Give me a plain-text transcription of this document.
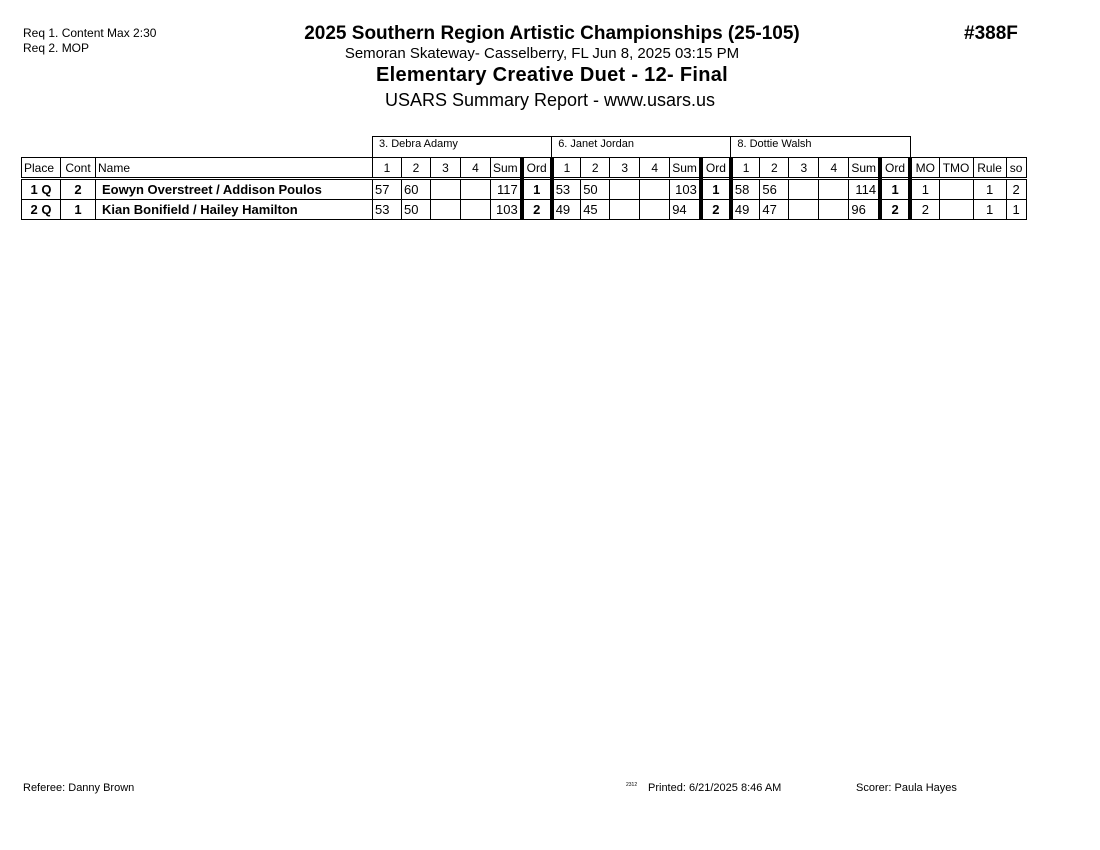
Req 1. Content Max 2:30
Req 2. MOP
2025 Southern Region Artistic Championships (25-105)
Semoran Skateway- Casselberry, FL Jun 8, 2025 03:15 PM
Elementary Creative Duet - 12- Final
USARS Summary Report - www.usars.us
#388F
			3. Debra Adamy						6. Janet Jordan						8. Dottie Walsh									
Place	Cont	Name	1	2	3	4	Sum	Ord	1	2	3	4	Sum	Ord	1	2	3	4	Sum	Ord	MO	TMO	Rule	so
1 Q	2	Eowyn Overstreet / Addison Poulos	57	60			117	1	53	50			103	1	58	56			114	1	1		1	2
2 Q	1	Kian Bonifield / Hailey Hamilton	53	50			103	2	49	45			94	2	49	47			96	2	2		1	1
Referee: Danny Brown	2312 Printed: 6/21/2025 8:46 AM	Scorer: Paula Hayes
